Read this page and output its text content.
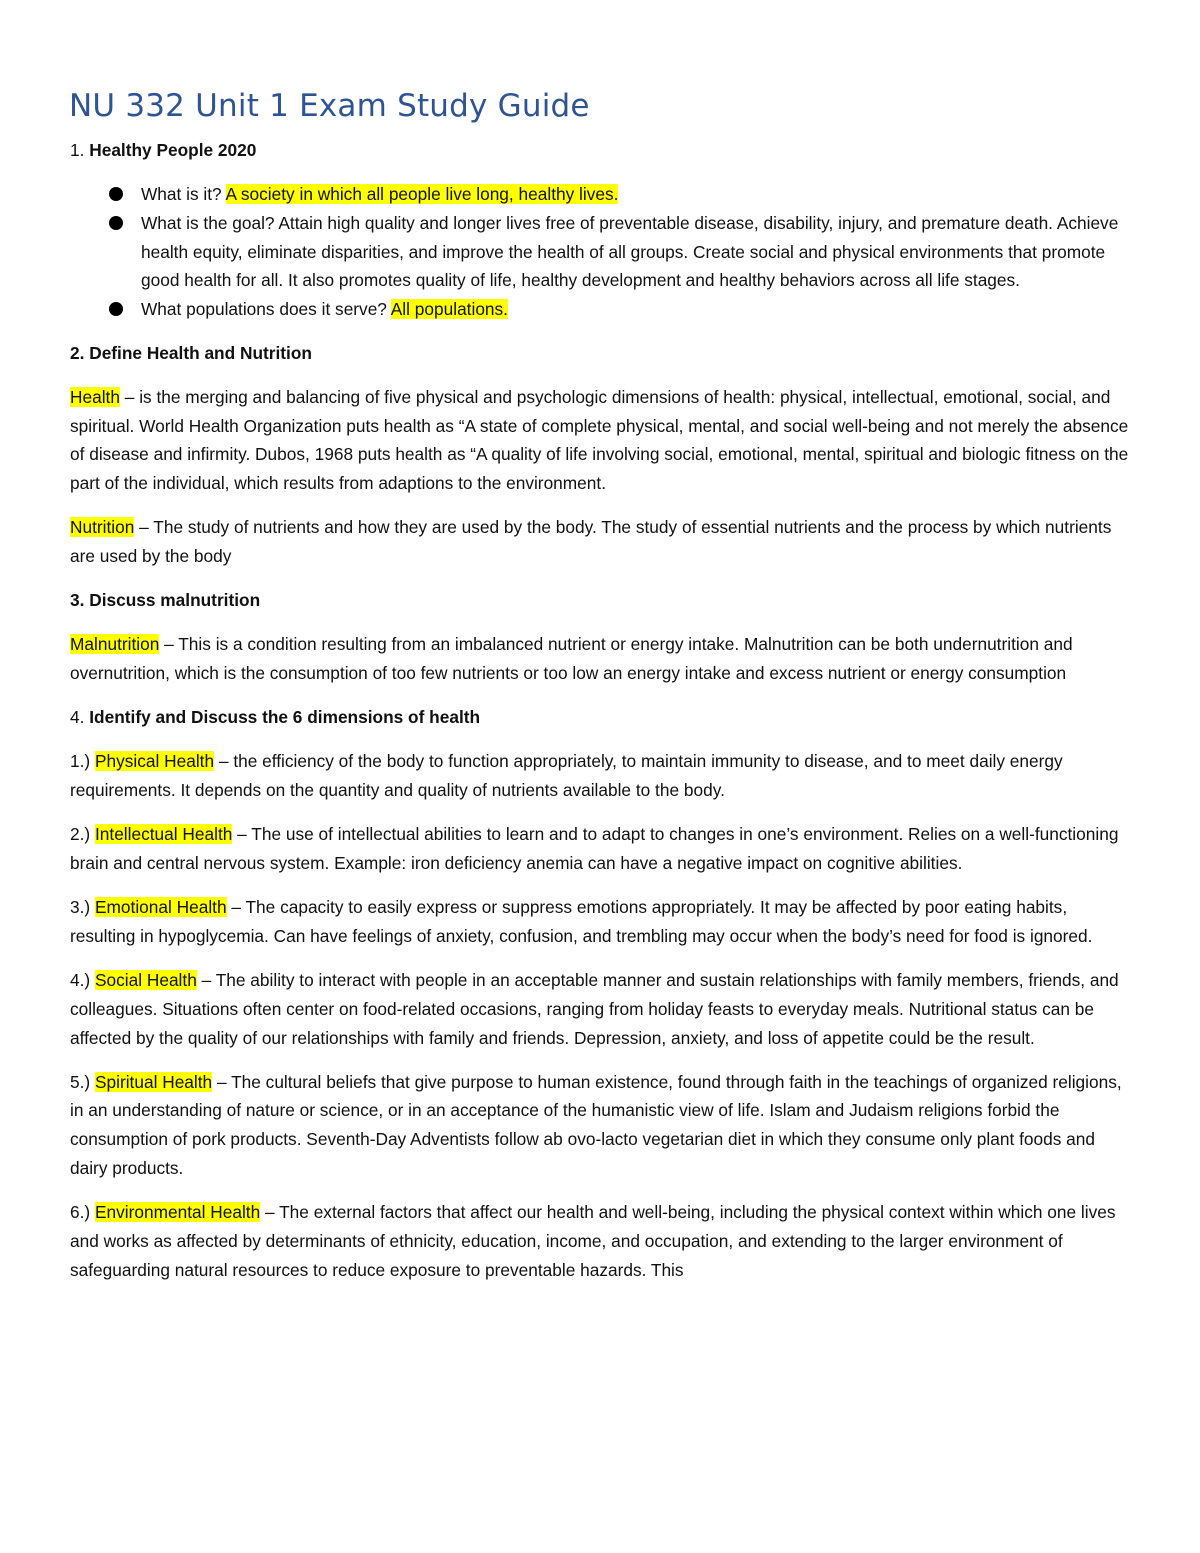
NU 332 Unit 1 Exam Study Guide

1. Healthy People 2020

What is it? A society in which all people live long, healthy lives.
What is the goal? Attain high quality and longer lives free of preventable disease, disability, injury, and premature death. Achieve health equity, eliminate disparities, and improve the health of all groups. Create social and physical environments that promote good health for all. It also promotes quality of life, healthy development and healthy behaviors across all life stages.
What populations does it serve? All populations.

2. Define Health and Nutrition

Health – is the merging and balancing of five physical and psychologic dimensions of health: physical, intellectual, emotional, social, and spiritual. World Health Organization puts health as “A state of complete physical, mental, and social well-being and not merely the absence of disease and infirmity. Dubos, 1968 puts health as “A quality of life involving social, emotional, mental, spiritual and biologic fitness on the part of the individual, which results from adaptions to the environment.

Nutrition – The study of nutrients and how they are used by the body. The study of essential nutrients and the process by which nutrients are used by the body

3. Discuss malnutrition

Malnutrition – This is a condition resulting from an imbalanced nutrient or energy intake. Malnutrition can be both undernutrition and overnutrition, which is the consumption of too few nutrients or too low an energy intake and excess nutrient or energy consumption

4. Identify and Discuss the 6 dimensions of health

1.) Physical Health – the efficiency of the body to function appropriately, to maintain immunity to disease, and to meet daily energy requirements. It depends on the quantity and quality of nutrients available to the body.

2.) Intellectual Health – The use of intellectual abilities to learn and to adapt to changes in one’s environment. Relies on a well-functioning brain and central nervous system. Example: iron deficiency anemia can have a negative impact on cognitive abilities.

3.) Emotional Health – The capacity to easily express or suppress emotions appropriately. It may be affected by poor eating habits, resulting in hypoglycemia. Can have feelings of anxiety, confusion, and trembling may occur when the body’s need for food is ignored.

4.) Social Health – The ability to interact with people in an acceptable manner and sustain relationships with family members, friends, and colleagues. Situations often center on food-related occasions, ranging from holiday feasts to everyday meals. Nutritional status can be affected by the quality of our relationships with family and friends. Depression, anxiety, and loss of appetite could be the result.

5.) Spiritual Health – The cultural beliefs that give purpose to human existence, found through faith in the teachings of organized religions, in an understanding of nature or science, or in an acceptance of the humanistic view of life. Islam and Judaism religions forbid the consumption of pork products. Seventh-Day Adventists follow ab ovo-lacto vegetarian diet in which they consume only plant foods and dairy products.

6.) Environmental Health – The external factors that affect our health and well-being, including the physical context within which one lives and works as affected by determinants of ethnicity, education, income, and occupation, and extending to the larger environment of safeguarding natural resources to reduce exposure to preventable hazards. This
